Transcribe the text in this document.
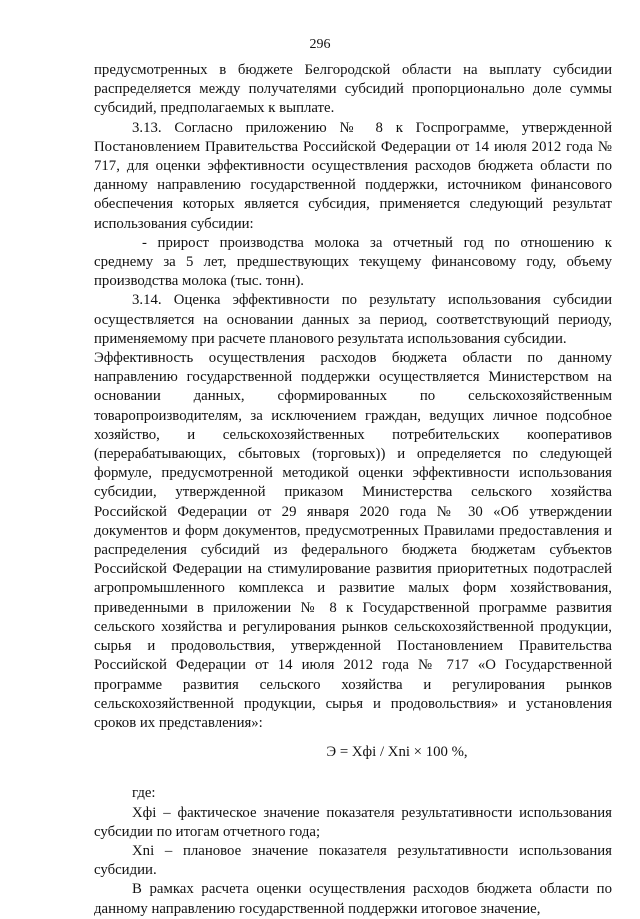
296

предусмотренных в бюджете Белгородской области на выплату субсидии распределяется между получателями субсидий пропорционально доле суммы субсидий, предполагаемых к выплате.

3.13. Согласно приложению № 8 к Госпрограмме, утвержденной Постановлением Правительства Российской Федерации от 14 июля 2012 года № 717, для оценки эффективности осуществления расходов бюджета области по данному направлению государственной поддержки, источником финансового обеспечения которых является субсидия, применяется следующий результат использования субсидии:

- прирост производства молока за отчетный год по отношению к среднему за 5 лет, предшествующих текущему финансовому году, объему производства молока (тыс. тонн).

3.14. Оценка эффективности по результату использования субсидии осуществляется на основании данных за период, соответствующий периоду, применяемому при расчете планового результата использования субсидии.

Эффективность осуществления расходов бюджета области по данному направлению государственной поддержки осуществляется Министерством на основании данных, сформированных по сельскохозяйственным товаропроизводителям, за исключением граждан, ведущих личное подсобное хозяйство, и сельскохозяйственных потребительских кооперативов (перерабатывающих, сбытовых (торговых)) и определяется по следующей формуле, предусмотренной методикой оценки эффективности использования субсидии, утвержденной приказом Министерства сельского хозяйства Российской Федерации от 29 января 2020 года № 30 «Об утверждении документов и форм документов, предусмотренных Правилами предоставления и распределения субсидий из федерального бюджета бюджетам субъектов Российской Федерации на стимулирование развития приоритетных подотраслей агропромышленного комплекса и развитие малых форм хозяйствования, приведенными в приложении № 8 к Государственной программе развития сельского хозяйства и регулирования рынков сельскохозяйственной продукции, сырья и продовольствия, утвержденной Постановлением Правительства Российской Федерации от 14 июля 2012 года № 717 «О Государственной программе развития сельского хозяйства и регулирования рынков сельскохозяйственной продукции, сырья и продовольствия» и установления сроков их представления»:

Э = Xфi / Xni × 100 %,

где:

Xфi – фактическое значение показателя результативности использования субсидии по итогам отчетного года;

Xni – плановое значение показателя результативности использования субсидии.

В рамках расчета оценки осуществления расходов бюджета области по данному направлению государственной поддержки итоговое значение,
